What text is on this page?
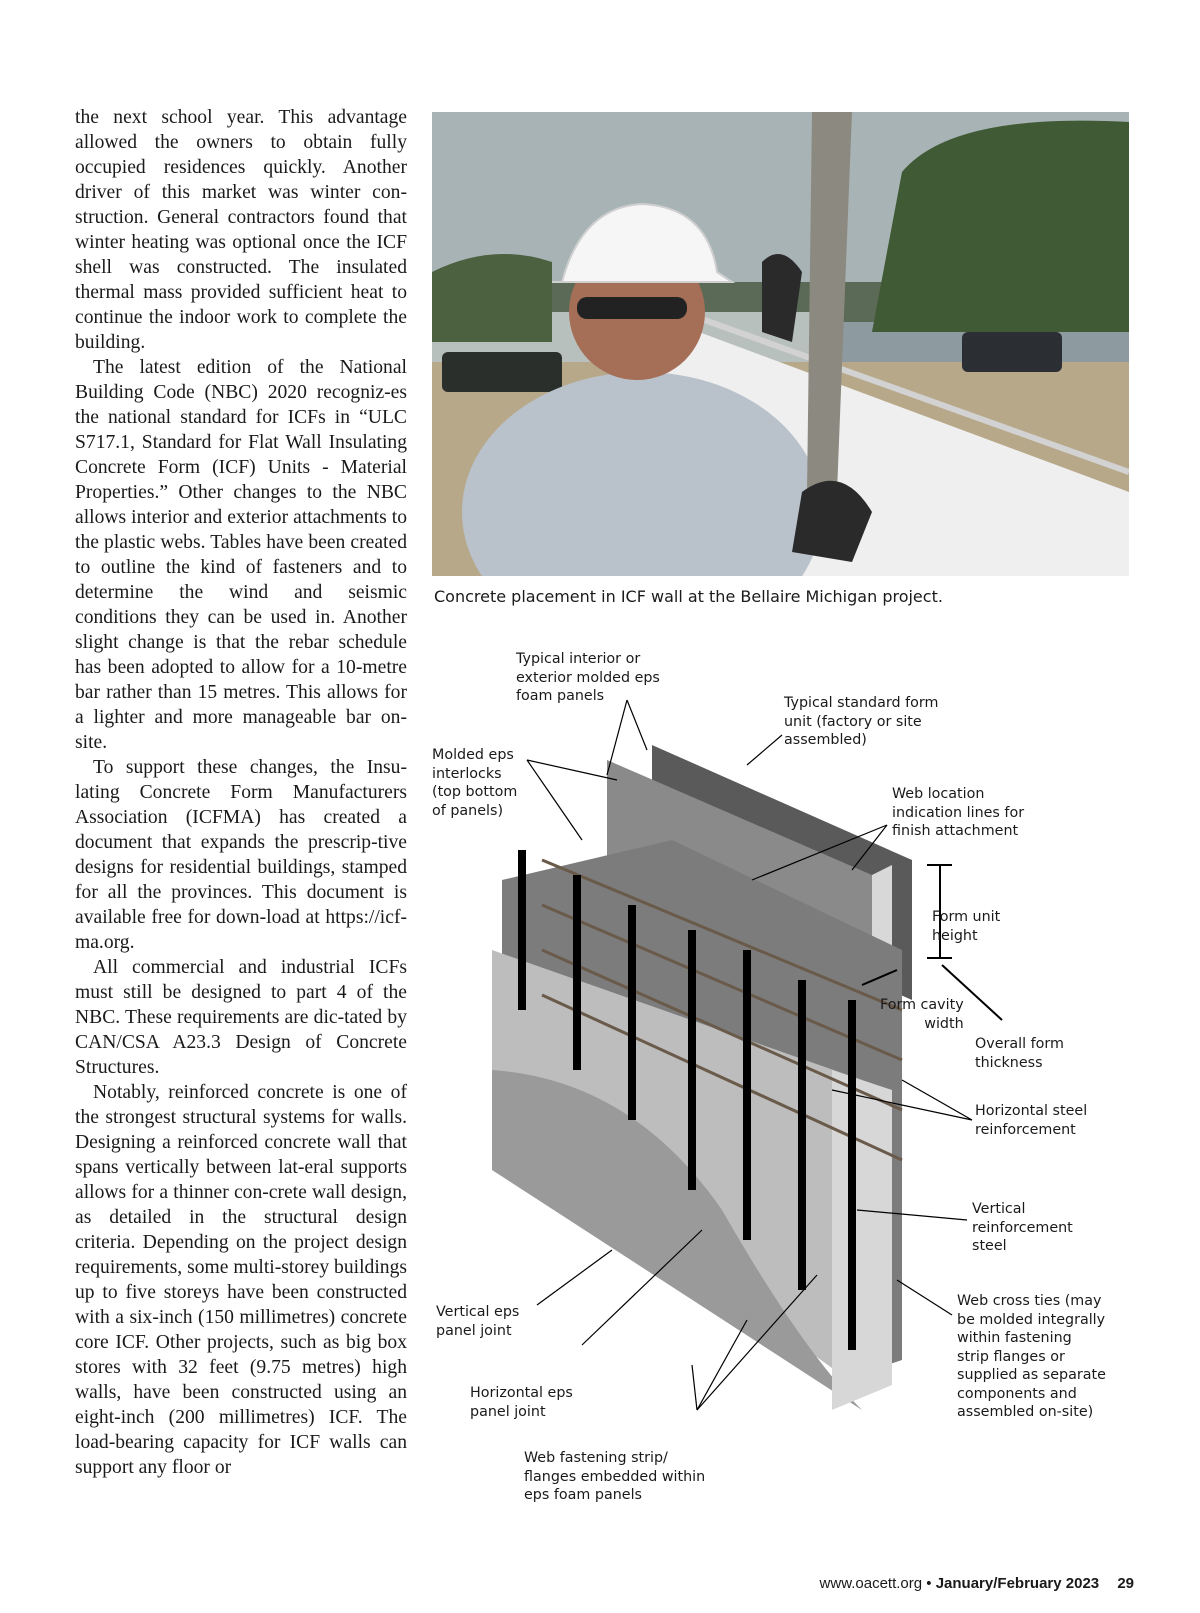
the next school year. This advantage allowed the owners to obtain fully occupied residences quickly. Another driver of this market was winter con-struction. General contractors found that winter heating was optional once the ICF shell was constructed. The insulated thermal mass provided sufficient heat to continue the indoor work to complete the building.

The latest edition of the National Building Code (NBC) 2020 recogniz-es the national standard for ICFs in “ULC S717.1, Standard for Flat Wall Insulating Concrete Form (ICF) Units - Material Properties.” Other changes to the NBC allows interior and exterior attachments to the plastic webs. Tables have been created to outline the kind of fasteners and to determine the wind and seismic conditions they can be used in. Another slight change is that the rebar schedule has been adopted to allow for a 10-metre bar rather than 15 metres. This allows for a lighter and more manageable bar on-site.

To support these changes, the Insu-lating Concrete Form Manufacturers Association (ICFMA) has created a document that expands the prescrip-tive designs for residential buildings, stamped for all the provinces. This document is available free for down-load at https://icf-ma.org.

All commercial and industrial ICFs must still be designed to part 4 of the NBC. These requirements are dic-tated by CAN/CSA A23.3 Design of Concrete Structures.

Notably, reinforced concrete is one of the strongest structural systems for walls. Designing a reinforced concrete wall that spans vertically between lat-eral supports allows for a thinner con-crete wall design, as detailed in the structural design criteria. Depending on the project design requirements, some multi-storey buildings up to five storeys have been constructed with a six-inch (150 millimetres) concrete core ICF. Other projects, such as big box stores with 32 feet (9.75 metres) high walls, have been constructed using an eight-inch (200 millimetres) ICF. The load-bearing capacity for ICF walls can support any floor or

Concrete placement in ICF wall at the Bellaire Michigan project.
Typical interior or
exterior molded eps
foam panels	Typical standard form
unit (factory or site
assembled)
Molded eps
interlocks
(top bottom
of panels)
Web location
indication lines for
finish attachment
Form unit
height
Form cavity
width
Overall form
thickness
Horizontal steel
reinforcement
Vertical
reinforcement
steel
Web cross ties (may
be molded integrally
within fastening
strip flanges or
supplied as separate
components and
assembled on-site)
Vertical eps
panel joint
Horizontal eps
panel joint
Web fastening strip/
flanges embedded within
eps foam panels
www.oacett.org • January/February 2023 29
